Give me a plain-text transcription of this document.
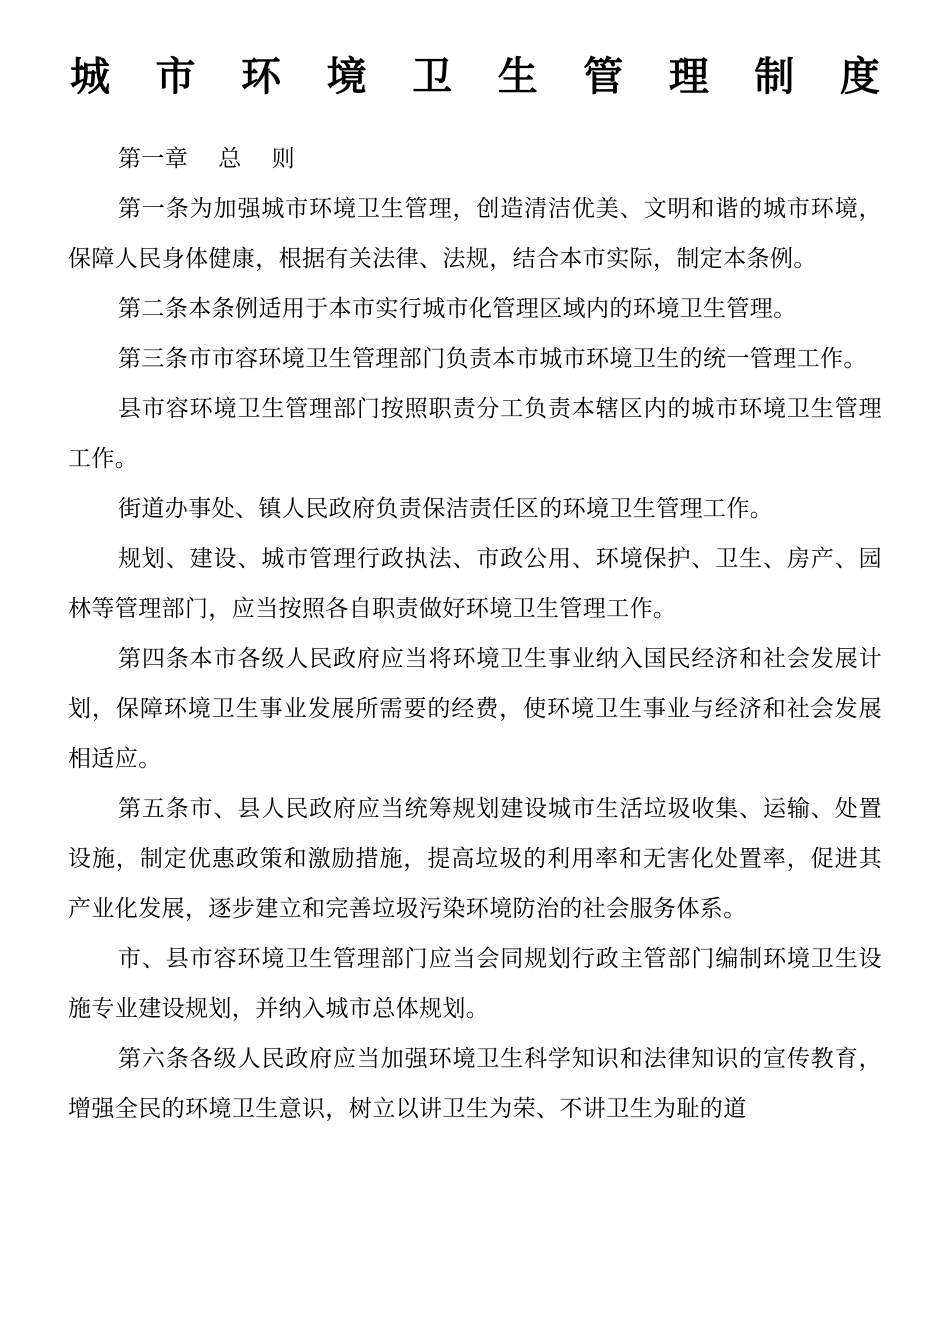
城 市 环 境 卫 生 管 理 制 度

第一章 总 则

第一条为加强城市环境卫生管理，创造清洁优美、文明和谐的城市环境，保障人民身体健康，根据有关法律、法规，结合本市实际，制定本条例。

第二条本条例适用于本市实行城市化管理区域内的环境卫生管理。

第三条市市容环境卫生管理部门负责本市城市环境卫生的统一管理工作。

县市容环境卫生管理部门按照职责分工负责本辖区内的城市环境卫生管理工作。

街道办事处、镇人民政府负责保洁责任区的环境卫生管理工作。

规划、建设、城市管理行政执法、市政公用、环境保护、卫生、房产、园林等管理部门，应当按照各自职责做好环境卫生管理工作。

第四条本市各级人民政府应当将环境卫生事业纳入国民经济和社会发展计划，保障环境卫生事业发展所需要的经费，使环境卫生事业与经济和社会发展相适应。

第五条市、县人民政府应当统筹规划建设城市生活垃圾收集、运输、处置设施，制定优惠政策和激励措施，提高垃圾的利用率和无害化处置率，促进其产业化发展，逐步建立和完善垃圾污染环境防治的社会服务体系。

市、县市容环境卫生管理部门应当会同规划行政主管部门编制环境卫生设施专业建设规划，并纳入城市总体规划。

第六条各级人民政府应当加强环境卫生科学知识和法律知识的宣传教育，增强全民的环境卫生意识，树立以讲卫生为荣、不讲卫生为耻的道
